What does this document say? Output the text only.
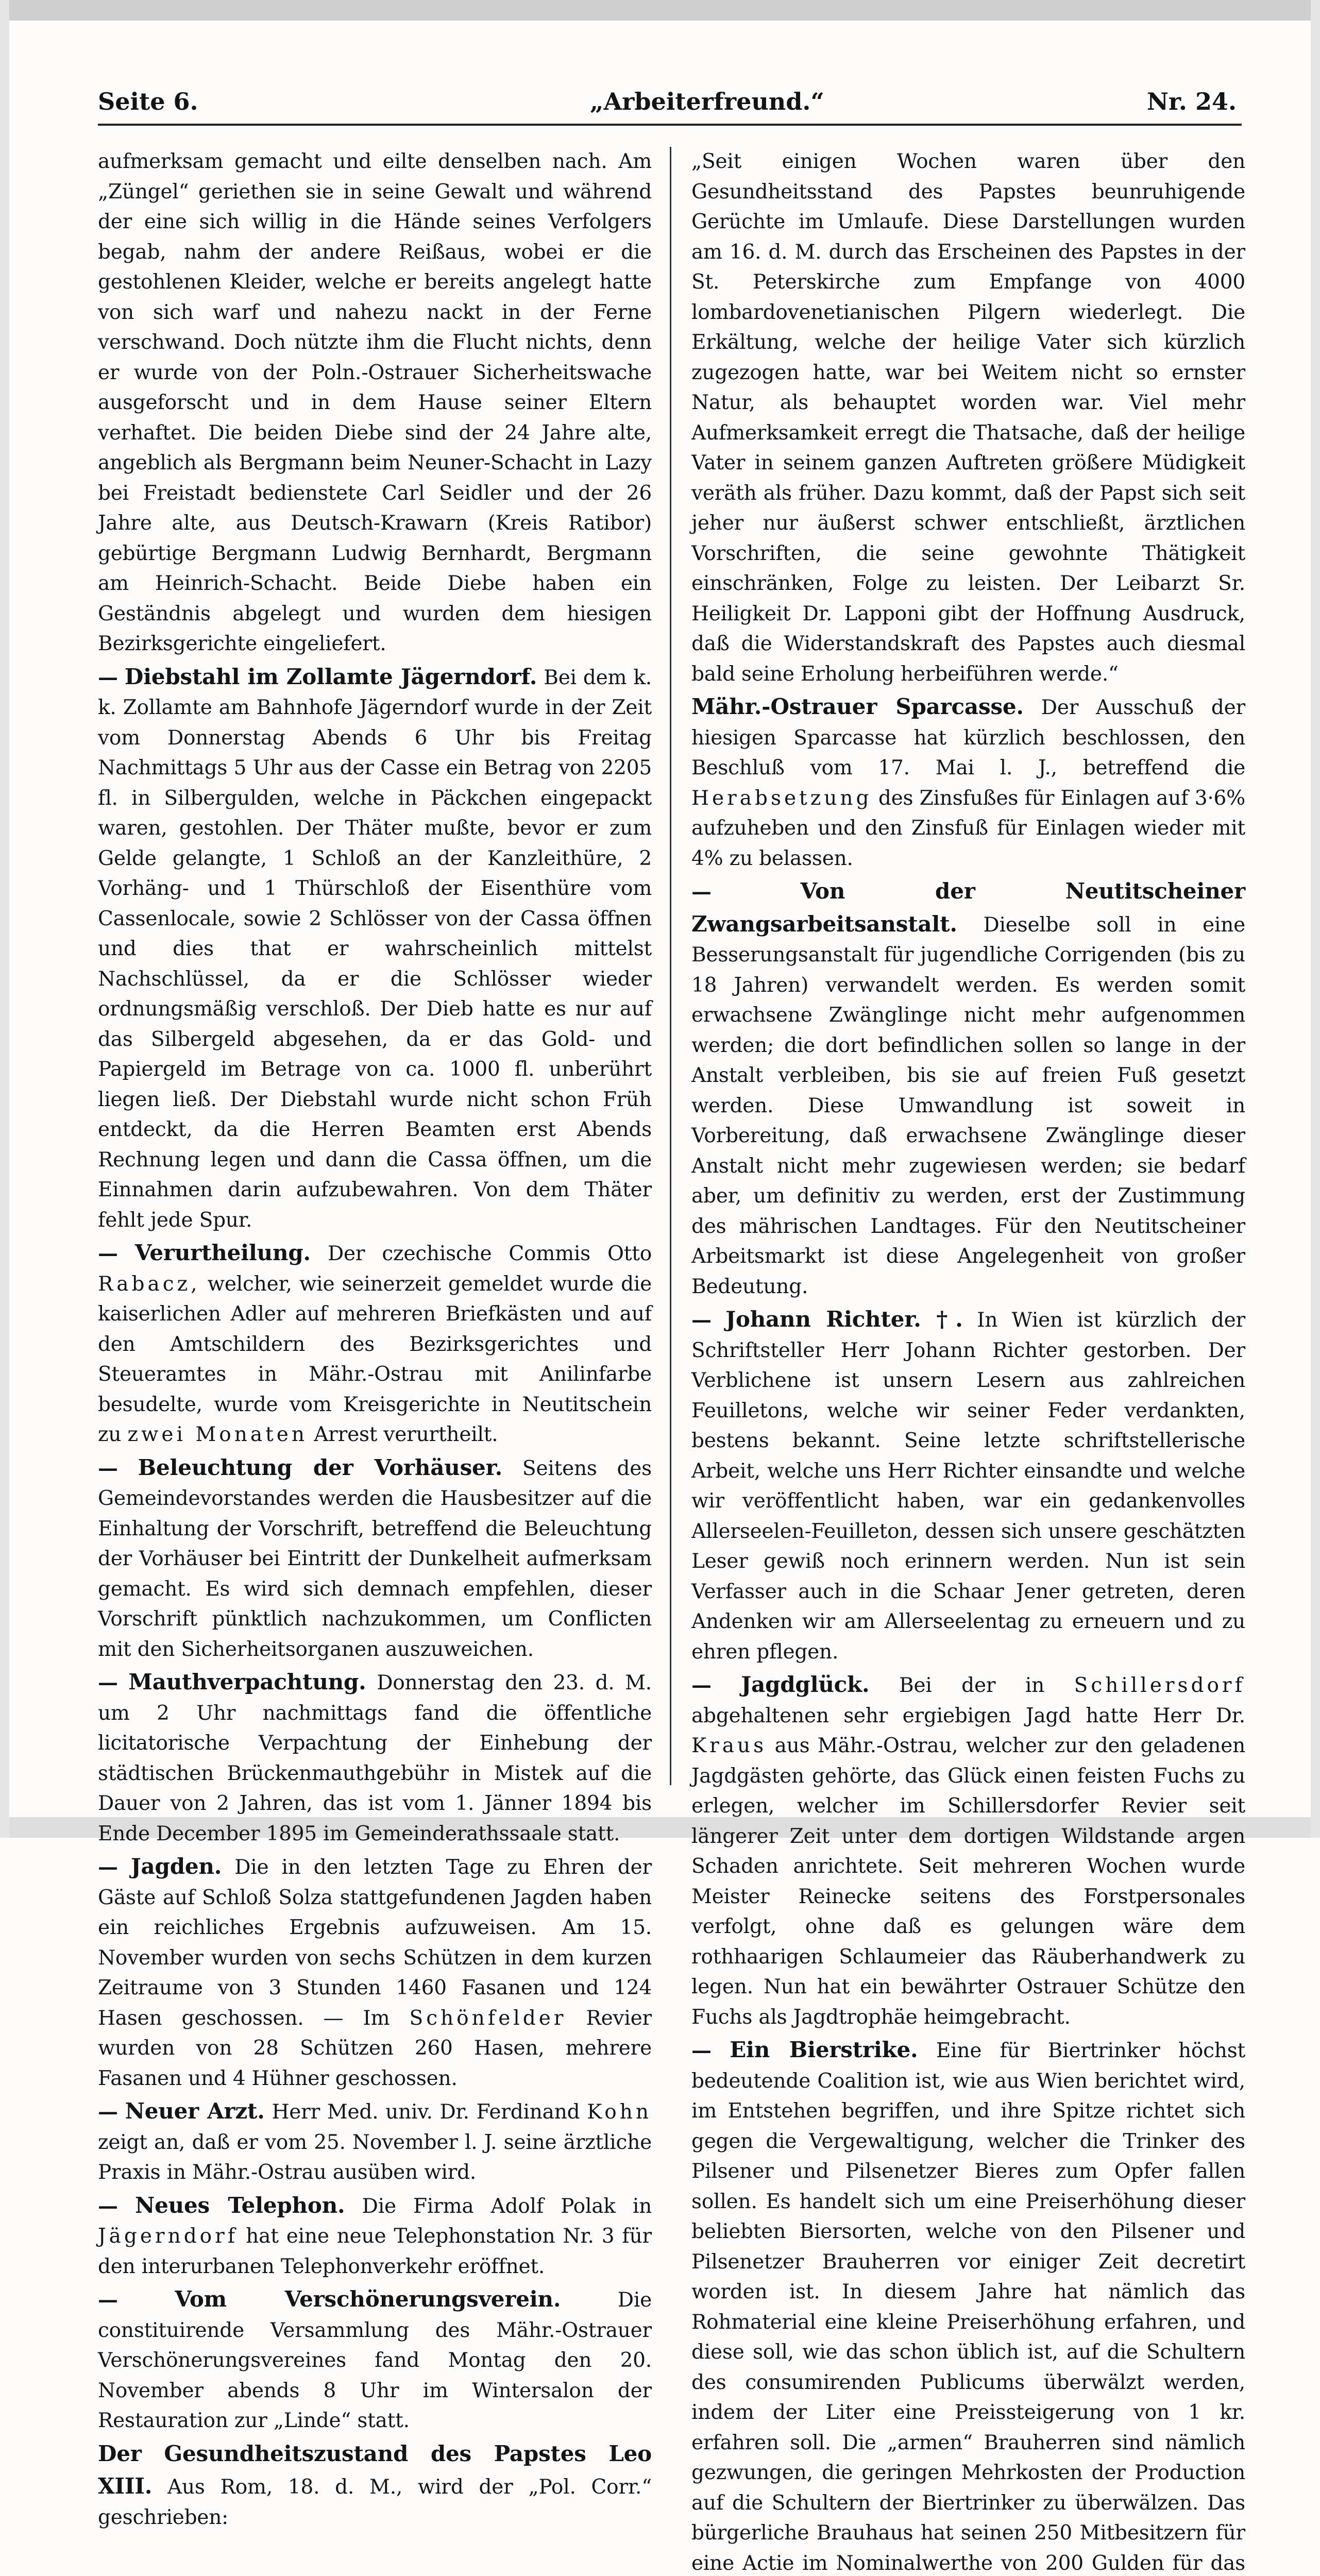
Seite 6.	„Arbeiterfreund.“	Nr. 24.

aufmerksam gemacht und eilte denselben nach. Am „Züngel“ geriethen sie in seine Gewalt und während der eine sich willig in die Hände seines Verfolgers begab, nahm der andere Reißaus, wobei er die gestohlenen Kleider, welche er bereits angelegt hatte von sich warf und nahezu nackt in der Ferne verschwand. Doch nützte ihm die Flucht nichts, denn er wurde von der Poln.-Ostrauer Sicherheitswache ausgeforscht und in dem Hause seiner Eltern verhaftet. Die beiden Diebe sind der 24 Jahre alte, angeblich als Bergmann beim Neuner-Schacht in Lazy bei Freistadt bedienstete Carl Seidler und der 26 Jahre alte, aus Deutsch-Krawarn (Kreis Ratibor) gebürtige Bergmann Ludwig Bernhardt, Bergmann am Heinrich-Schacht. Beide Diebe haben ein Geständnis abgelegt und wurden dem hiesigen Bezirksgerichte eingeliefert.

— Diebstahl im Zollamte Jägerndorf. Bei dem k. k. Zollamte am Bahnhofe Jägerndorf wurde in der Zeit vom Donnerstag Abends 6 Uhr bis Freitag Nachmittags 5 Uhr aus der Casse ein Betrag von 2205 fl. in Silbergulden, welche in Päckchen eingepackt waren, gestohlen. Der Thäter mußte, bevor er zum Gelde gelangte, 1 Schloß an der Kanzleithüre, 2 Vorhäng- und 1 Thürschloß der Eisenthüre vom Cassenlocale, sowie 2 Schlösser von der Cassa öffnen und dies that er wahrscheinlich mittelst Nachschlüssel, da er die Schlösser wieder ordnungsmäßig verschloß. Der Dieb hatte es nur auf das Silbergeld abgesehen, da er das Gold- und Papiergeld im Betrage von ca. 1000 fl. unberührt liegen ließ. Der Diebstahl wurde nicht schon Früh entdeckt, da die Herren Beamten erst Abends Rechnung legen und dann die Cassa öffnen, um die Einnahmen darin aufzubewahren. Von dem Thäter fehlt jede Spur.

— Verurtheilung. Der czechische Commis Otto Rabacz, welcher, wie seinerzeit gemeldet wurde die kaiserlichen Adler auf mehreren Briefkästen und auf den Amtschildern des Bezirksgerichtes und Steueramtes in Mähr.-Ostrau mit Anilinfarbe besudelte, wurde vom Kreisgerichte in Neutitschein zu zwei Monaten Arrest verurtheilt.

— Beleuchtung der Vorhäuser. Seitens des Gemeindevorstandes werden die Hausbesitzer auf die Einhaltung der Vorschrift, betreffend die Beleuchtung der Vorhäuser bei Eintritt der Dunkelheit aufmerksam gemacht. Es wird sich demnach empfehlen, dieser Vorschrift pünktlich nachzukommen, um Conflicten mit den Sicherheitsorganen auszuweichen.

— Mauthverpachtung. Donnerstag den 23. d. M. um 2 Uhr nachmittags fand die öffentliche licitatorische Verpachtung der Einhebung der städtischen Brückenmauthgebühr in Mistek auf die Dauer von 2 Jahren, das ist vom 1. Jänner 1894 bis Ende December 1895 im Gemeinderathssaale statt.

— Jagden. Die in den letzten Tage zu Ehren der Gäste auf Schloß Solza stattgefundenen Jagden haben ein reichliches Ergebnis aufzuweisen. Am 15. November wurden von sechs Schützen in dem kurzen Zeitraume von 3 Stunden 1460 Fasanen und 124 Hasen geschossen. — Im Schönfelder Revier wurden von 28 Schützen 260 Hasen, mehrere Fasanen und 4 Hühner geschossen.

— Neuer Arzt. Herr Med. univ. Dr. Ferdinand Kohn zeigt an, daß er vom 25. November l. J. seine ärztliche Praxis in Mähr.-Ostrau ausüben wird.

— Neues Telephon. Die Firma Adolf Polak in Jägerndorf hat eine neue Telephonstation Nr. 3 für den interurbanen Telephonverkehr eröffnet.

—	Vom Verschönerungsverein.	Die constituirende Versammlung des Mähr.-Ostrauer Verschönerungsvereines fand Montag den 20. November abends 8 Uhr im Wintersalon der Restauration zur „Linde“ statt.

Der Gesundheitszustand des Papstes Leo XIII. Aus Rom, 18. d. M., wird der „Pol. Corr.“ geschrieben:

„Seit einigen Wochen waren über den Gesundheitsstand des Papstes beunruhigende Gerüchte im Umlaufe. Diese Darstellungen wurden am 16. d. M. durch das Erscheinen des Papstes in der St. Peterskirche zum Empfange von 4000 lombardovenetianischen Pilgern wiederlegt. Die Erkältung, welche der heilige Vater sich kürzlich zugezogen hatte, war bei Weitem nicht so ernster Natur, als behauptet worden war. Viel mehr Aufmerksamkeit erregt die Thatsache, daß der heilige Vater in seinem ganzen Auftreten größere Müdigkeit veräth als früher. Dazu kommt, daß der Papst sich seit jeher nur äußerst schwer entschließt, ärztlichen Vorschriften, die seine gewohnte Thätigkeit einschränken, Folge zu leisten. Der Leibarzt Sr. Heiligkeit Dr. Lapponi gibt der Hoffnung Ausdruck, daß die Widerstandskraft des Papstes auch diesmal bald seine Erholung herbeiführen werde.“

Mähr.-Ostrauer Sparcasse. Der Ausschuß der hiesigen Sparcasse hat kürzlich beschlossen, den Beschluß vom 17. Mai l. J., betreffend die Herabsetzung des Zinsfußes für Einlagen auf 3·6% aufzuheben und den Zinsfuß für Einlagen wieder mit 4% zu belassen.

—	Von der Neutitscheiner Zwangsarbeitsanstalt. Dieselbe soll in eine Besserungsanstalt für jugendliche Corrigenden (bis zu 18 Jahren) verwandelt werden. Es werden somit erwachsene Zwänglinge nicht mehr aufgenommen werden; die dort befindlichen sollen so lange in der Anstalt verbleiben, bis sie auf freien Fuß gesetzt werden. Diese Umwandlung ist soweit in Vorbereitung, daß erwachsene Zwänglinge dieser Anstalt nicht mehr zugewiesen werden; sie bedarf aber, um definitiv zu werden, erst der Zustimmung des mährischen Landtages. Für den Neutitscheiner Arbeitsmarkt ist diese Angelegenheit von großer Bedeutung.

— Johann Richter. †. In Wien ist kürzlich der Schriftsteller Herr Johann Richter gestorben. Der Verblichene ist unsern Lesern aus zahlreichen Feuilletons, welche wir seiner Feder verdankten, bestens bekannt. Seine letzte schriftstellerische Arbeit, welche uns Herr Richter einsandte und welche wir veröffentlicht haben, war ein gedankenvolles Allerseelen-Feuilleton, dessen sich unsere geschätzten Leser gewiß noch erinnern werden. Nun ist sein Verfasser auch in die Schaar Jener getreten, deren Andenken wir am Allerseelentag zu erneuern und zu ehren pflegen.

— Jagdglück. Bei der in Schillersdorf abgehaltenen sehr ergiebigen Jagd hatte Herr Dr. Kraus aus Mähr.-Ostrau, welcher zur den geladenen Jagdgästen gehörte, das Glück einen feisten Fuchs zu erlegen, welcher im Schillersdorfer Revier seit längerer Zeit unter dem dortigen Wildstande argen Schaden anrichtete. Seit mehreren Wochen wurde Meister Reinecke seitens des Forstpersonales verfolgt, ohne daß es gelungen wäre dem rothhaarigen Schlaumeier das Räuberhandwerk zu legen. Nun hat ein bewährter Ostrauer Schütze den Fuchs als Jagdtrophäe heimgebracht.

— Ein Bierstrike. Eine für Biertrinker höchst bedeutende Coalition ist, wie aus Wien berichtet wird, im Entstehen begriffen, und ihre Spitze richtet sich gegen die Vergewaltigung, welcher die Trinker des Pilsener und Pilsenetzer Bieres zum Opfer fallen sollen. Es handelt sich um eine Preiserhöhung dieser beliebten Biersorten, welche von den Pilsener und Pilsenetzer Brauherren vor einiger Zeit decretirt worden ist. In diesem Jahre hat nämlich das Rohmaterial eine kleine Preiserhöhung erfahren, und diese soll, wie das schon üblich ist, auf die Schultern des consumirenden Publicums überwälzt werden, indem der Liter eine Preissteigerung von 1 kr. erfahren soll. Die „armen“ Brauherren sind nämlich gezwungen, die geringen Mehrkosten der Production auf die Schultern der Biertrinker zu überwälzen. Das bürgerliche Brauhaus hat seinen 250 Mitbesitzern für eine Actie im Nominalwerthe von 200 Gulden für das
